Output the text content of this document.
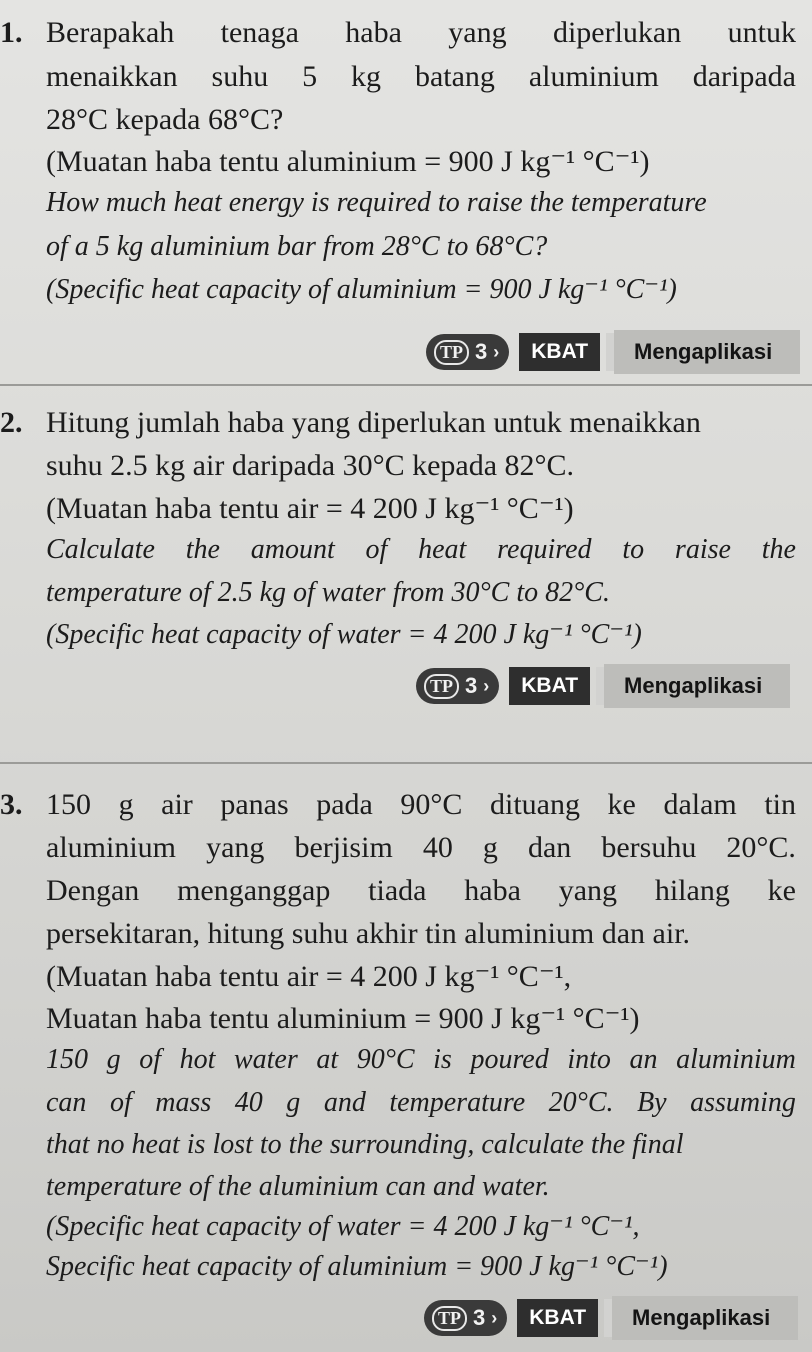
1. Berapakah tenaga haba yang diperlukan untuk
menaikkan suhu 5 kg batang aluminium daripada
28°C kepada 68°C?
(Muatan haba tentu aluminium = 900 J kg⁻¹ °C⁻¹)
How much heat energy is required to raise the temperature
of a 5 kg aluminium bar from 28°C to 68°C?
(Specific heat capacity of aluminium = 900 J kg⁻¹ °C⁻¹)
TP 3 ›	KBAT	Mengaplikasi
2. Hitung jumlah haba yang diperlukan untuk menaikkan
suhu 2.5 kg air daripada 30°C kepada 82°C.
(Muatan haba tentu air = 4 200 J kg⁻¹ °C⁻¹)
Calculate the amount of heat required to raise the
temperature of 2.5 kg of water from 30°C to 82°C.
(Specific heat capacity of water = 4 200 J kg⁻¹ °C⁻¹)
TP 3 ›	KBAT	Mengaplikasi
3. 150 g air panas pada 90°C dituang ke dalam tin
aluminium yang berjisim 40 g dan bersuhu 20°C.
Dengan menganggap tiada haba yang hilang ke
persekitaran, hitung suhu akhir tin aluminium dan air.
(Muatan haba tentu air = 4 200 J kg⁻¹ °C⁻¹,
Muatan haba tentu aluminium = 900 J kg⁻¹ °C⁻¹)
150 g of hot water at 90°C is poured into an aluminium
can of mass 40 g and temperature 20°C. By assuming
that no heat is lost to the surrounding, calculate the final
temperature of the aluminium can and water.
(Specific heat capacity of water = 4 200 J kg⁻¹ °C⁻¹,
Specific heat capacity of aluminium = 900 J kg⁻¹ °C⁻¹)
TP 3 ›	KBAT	Mengaplikasi
